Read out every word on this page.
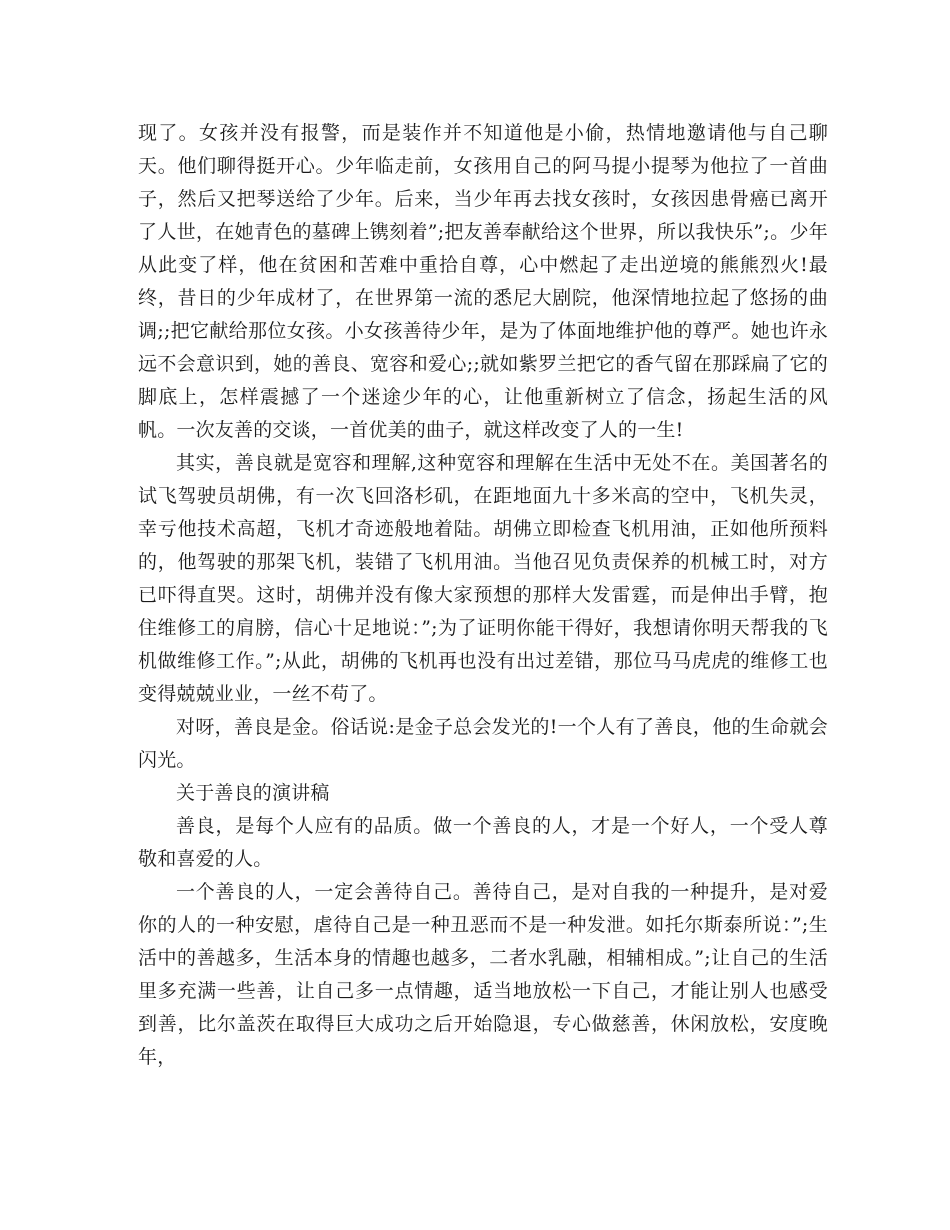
现了。女孩并没有报警，而是装作并不知道他是小偷，热情地邀请他与自己聊天。他们聊得挺开心。少年临走前，女孩用自己的阿马提小提琴为他拉了一首曲子，然后又把琴送给了少年。后来，当少年再去找女孩时，女孩因患骨癌已离开了人世，在她青色的墓碑上镌刻着”;把友善奉献给这个世界，所以我快乐”;。少年从此变了样，他在贫困和苦难中重拾自尊，心中燃起了走出逆境的熊熊烈火!最终，昔日的少年成材了，在世界第一流的悉尼大剧院，他深情地拉起了悠扬的曲调;;把它献给那位女孩。小女孩善待少年，是为了体面地维护他的尊严。她也许永远不会意识到，她的善良、宽容和爱心;;就如紫罗兰把它的香气留在那踩扁了它的脚底上，怎样震撼了一个迷途少年的心，让他重新树立了信念，扬起生活的风帆。一次友善的交谈，一首优美的曲子，就这样改变了人的一生!

其实，善良就是宽容和理解,这种宽容和理解在生活中无处不在。美国著名的试飞驾驶员胡佛，有一次飞回洛杉矶，在距地面九十多米高的空中，飞机失灵，幸亏他技术高超，飞机才奇迹般地着陆。胡佛立即检查飞机用油，正如他所预料的，他驾驶的那架飞机，装错了飞机用油。当他召见负责保养的机械工时，对方已吓得直哭。这时，胡佛并没有像大家预想的那样大发雷霆，而是伸出手臂，抱住维修工的肩膀，信心十足地说：”;为了证明你能干得好，我想请你明天帮我的飞机做维修工作。”;从此，胡佛的飞机再也没有出过差错，那位马马虎虎的维修工也变得兢兢业业，一丝不苟了。

对呀，善良是金。俗话说:是金子总会发光的!一个人有了善良，他的生命就会闪光。

关于善良的演讲稿

善良，是每个人应有的品质。做一个善良的人，才是一个好人，一个受人尊敬和喜爱的人。

一个善良的人，一定会善待自己。善待自己，是对自我的一种提升，是对爱你的人的一种安慰，虐待自己是一种丑恶而不是一种发泄。如托尔斯泰所说：”;生活中的善越多，生活本身的情趣也越多，二者水乳融，相辅相成。”;让自己的生活里多充满一些善，让自己多一点情趣，适当地放松一下自己，才能让别人也感受到善，比尔盖茨在取得巨大成功之后开始隐退，专心做慈善，休闲放松，安度晚年，
